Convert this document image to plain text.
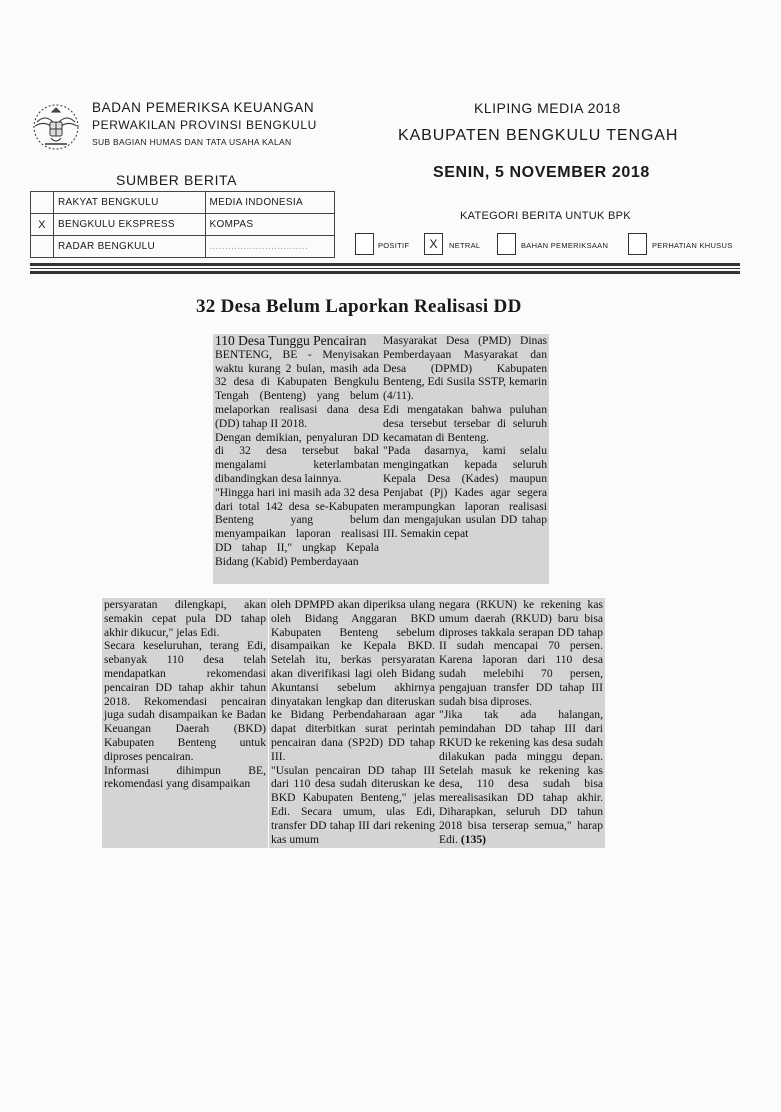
BADAN PEMERIKSA KEUANGAN
PERWAKILAN PROVINSI BENGKULU
SUB BAGIAN HUMAS DAN TATA USAHA KALAN
KLIPING MEDIA 2018
KABUPATEN BENGKULU TENGAH
SENIN, 5 NOVEMBER 2018
SUMBER BERITA
	RAKYAT BENGKULU	MEDIA INDONESIA
X	BENGKULU EKSPRESS	KOMPAS
	RADAR BENGKULU	................................
KATEGORI BERITA UNTUK BPK
POSITIF	X	NETRAL	BAHAN PEMERIKSAAN	PERHATIAN KHUSUS
32 Desa Belum Laporkan Realisasi DD

110 Desa Tunggu Pencairan

BENTENG, BE - Menyisakan waktu kurang 2 bulan, masih ada 32 desa di Kabupaten Bengkulu Tengah (Benteng) yang belum melaporkan realisasi dana desa (DD) tahap II 2018.

Dengan demikian, penyaluran DD di 32 desa tersebut bakal mengalami keterlambatan dibandingkan desa lainnya.

"Hingga hari ini masih ada 32 desa dari total 142 desa se-Kabupaten Benteng yang belum menyampaikan laporan realisasi DD tahap II," ungkap Kepala Bidang (Kabid) Pemberdayaan

Masyarakat Desa (PMD) Dinas Pemberdayaan Masyarakat dan Desa (DPMD) Kabupaten Benteng, Edi Susila SSTP, kemarin (4/11).

Edi mengatakan bahwa puluhan desa tersebut tersebar di seluruh kecamatan di Benteng.

"Pada dasarnya, kami selalu mengingatkan kepada seluruh Kepala Desa (Kades) maupun Penjabat (Pj) Kades agar segera merampungkan laporan realisasi dan mengajukan usulan DD tahap III. Semakin cepat

persyaratan dilengkapi, akan semakin cepat pula DD tahap akhir dikucur," jelas Edi.

Secara keseluruhan, terang Edi, sebanyak 110 desa telah mendapatkan rekomendasi pencairan DD tahap akhir tahun 2018. Rekomendasi pencairan juga sudah disampaikan ke Badan Keuangan Daerah (BKD) Kabupaten Benteng untuk diproses pencairan.

Informasi dihimpun BE, rekomendasi yang disampaikan

oleh DPMPD akan diperiksa ulang oleh Bidang Anggaran BKD Kabupaten Benteng sebelum disampaikan ke Kepala BKD. Setelah itu, berkas persyaratan akan diverifikasi lagi oleh Bidang Akuntansi sebelum akhirnya dinyatakan lengkap dan diteruskan ke Bidang Perbendaharaan agar dapat diterbitkan surat perintah pencairan dana (SP2D) DD tahap III.

"Usulan pencairan DD tahap III dari 110 desa sudah diteruskan ke BKD Kabupaten Benteng," jelas Edi. Secara umum, ulas Edi, transfer DD tahap III dari rekening kas umum

negara (RKUN) ke rekening kas umum daerah (RKUD) baru bisa diproses takkala serapan DD tahap II sudah mencapai 70 persen. Karena laporan dari 110 desa sudah melebihi 70 persen, pengajuan transfer DD tahap III sudah bisa diproses.

"Jika tak ada halangan, pemindahan DD tahap III dari RKUD ke rekening kas desa sudah dilakukan pada minggu depan. Setelah masuk ke rekening kas desa, 110 desa sudah bisa merealisasikan DD tahap akhir. Diharapkan, seluruh DD tahun 2018 bisa terserap semua," harap Edi. (135)
